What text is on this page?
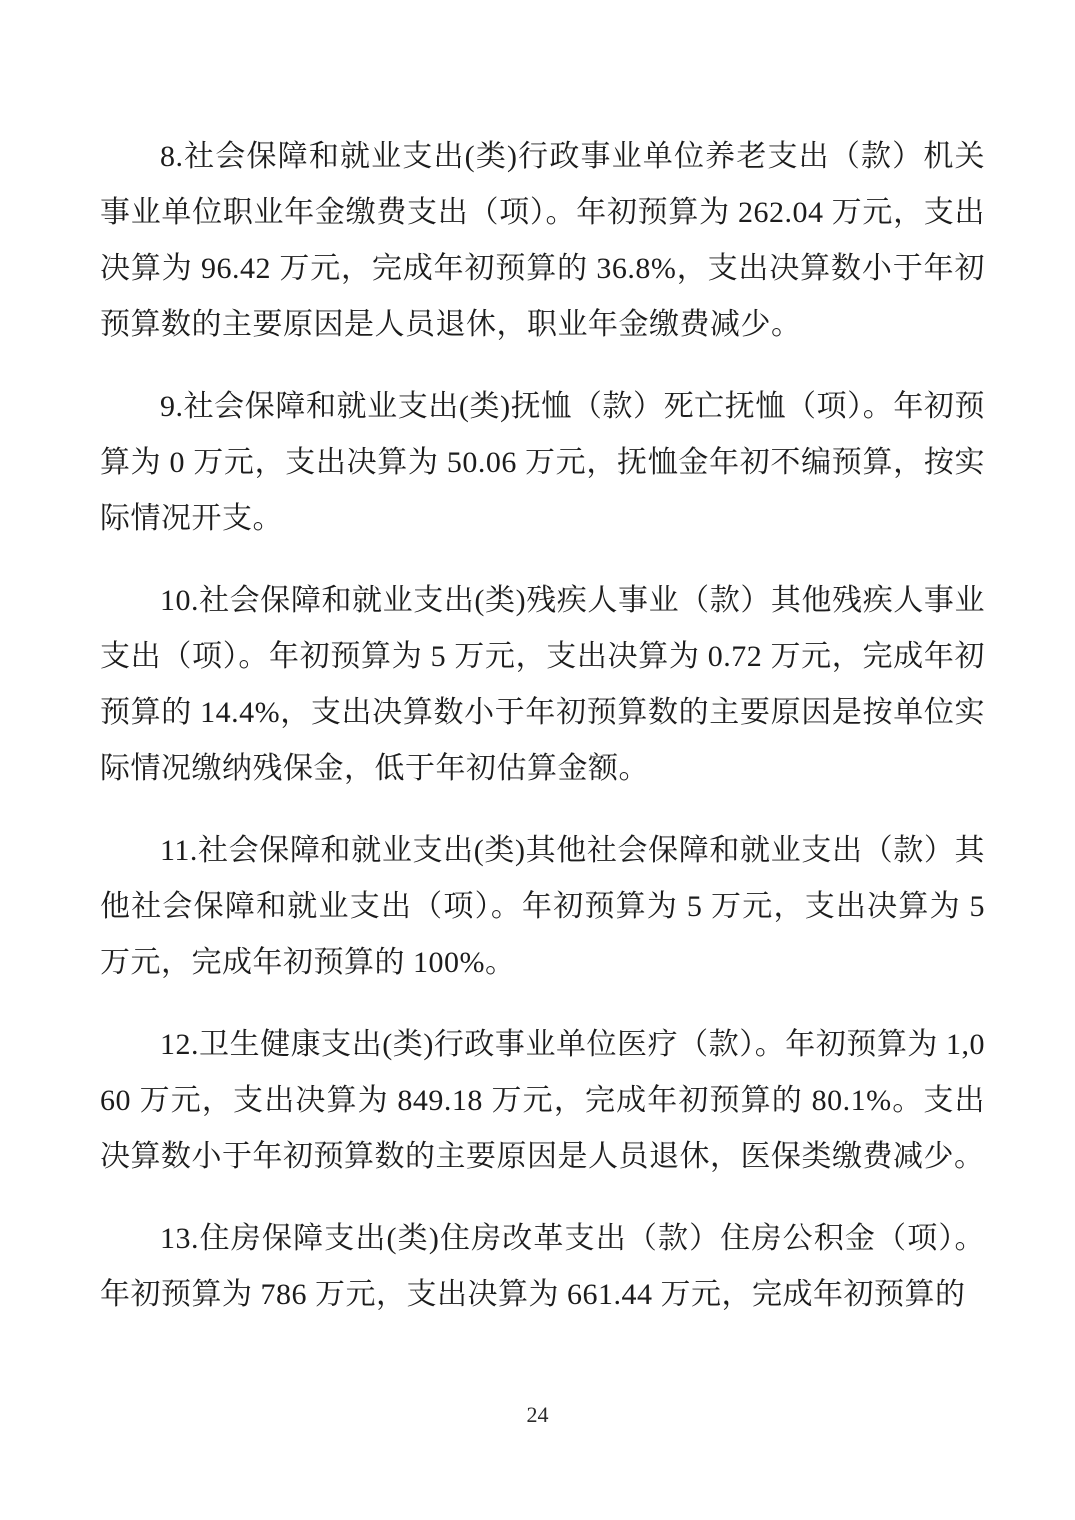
8.社会保障和就业支出(类)行政事业单位养老支出（款）机关事业单位职业年金缴费支出（项）。年初预算为 262.04 万元，支出决算为 96.42 万元，完成年初预算的 36.8%，支出决算数小于年初预算数的主要原因是人员退休，职业年金缴费减少。

9.社会保障和就业支出(类)抚恤（款）死亡抚恤（项）。年初预算为 0 万元，支出决算为 50.06 万元，抚恤金年初不编预算，按实际情况开支。

10.社会保障和就业支出(类)残疾人事业（款）其他残疾人事业支出（项）。年初预算为 5 万元，支出决算为 0.72 万元，完成年初预算的 14.4%，支出决算数小于年初预算数的主要原因是按单位实际情况缴纳残保金，低于年初估算金额。

11.社会保障和就业支出(类)其他社会保障和就业支出（款）其他社会保障和就业支出（项）。年初预算为 5 万元，支出决算为 5 万元，完成年初预算的 100%。

12.卫生健康支出(类)行政事业单位医疗（款）。年初预算为 1,060 万元，支出决算为 849.18 万元，完成年初预算的 80.1%。支出决算数小于年初预算数的主要原因是人员退休，医保类缴费减少。

13.住房保障支出(类)住房改革支出（款）住房公积金（项）。年初预算为 786 万元，支出决算为 661.44 万元，完成年初预算的

24
